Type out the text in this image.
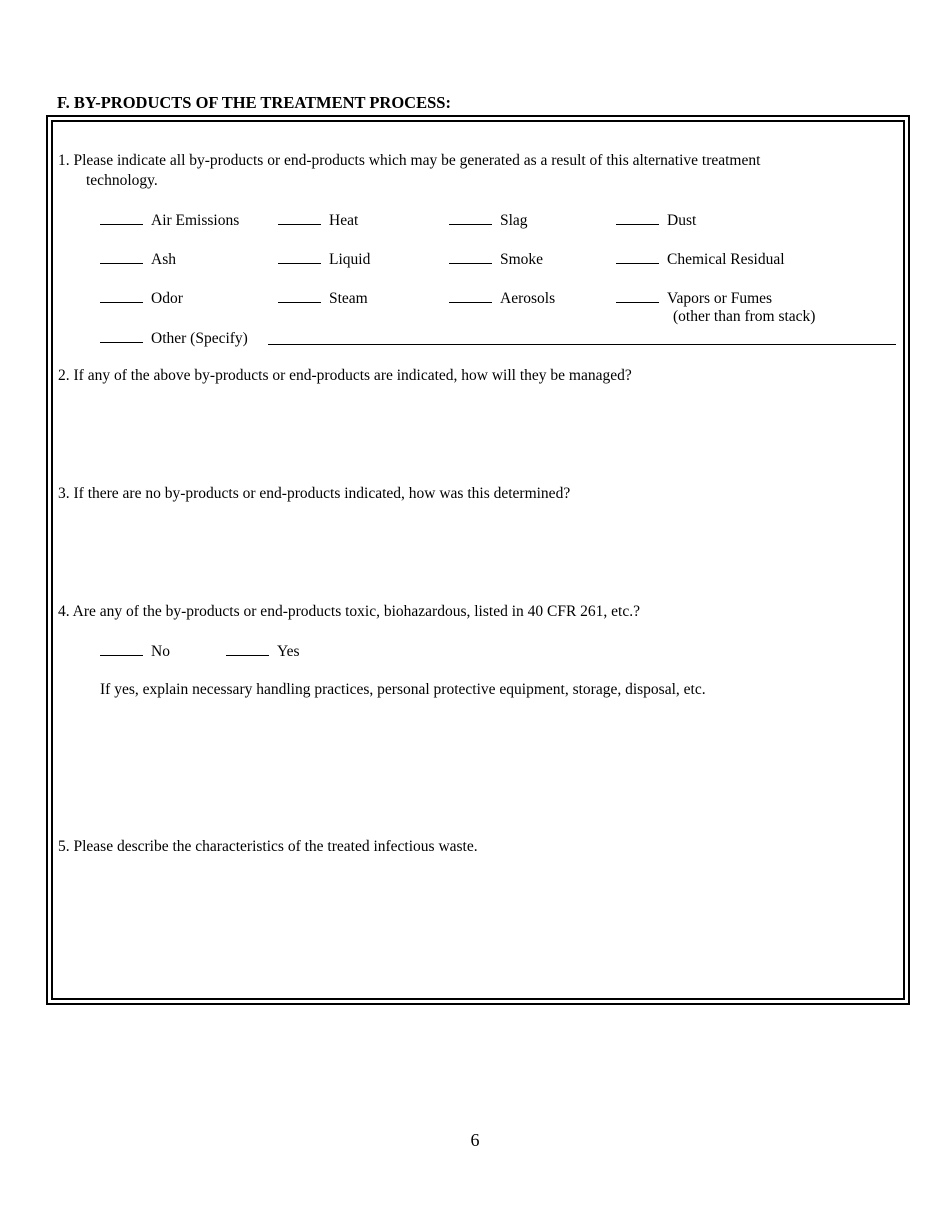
F. BY-PRODUCTS OF THE TREATMENT PROCESS:
1. Please indicate all by-products or end-products which may be generated as a result of this alternative treatment
technology.
Air Emissions	Heat	Slag	Dust
Ash	Liquid	Smoke	Chemical Residual
Odor	Steam	Aerosols	Vapors or Fumes
(other than from stack)
Other (Specify)
2. If any of the above by-products or end-products are indicated, how will they be managed?
3. If there are no by-products or end-products indicated, how was this determined?
4. Are any of the by-products or end-products toxic, biohazardous, listed in 40 CFR 261, etc.?
No	Yes
If yes, explain necessary handling practices, personal protective equipment, storage, disposal, etc.
5. Please describe the characteristics of the treated infectious waste.
6
